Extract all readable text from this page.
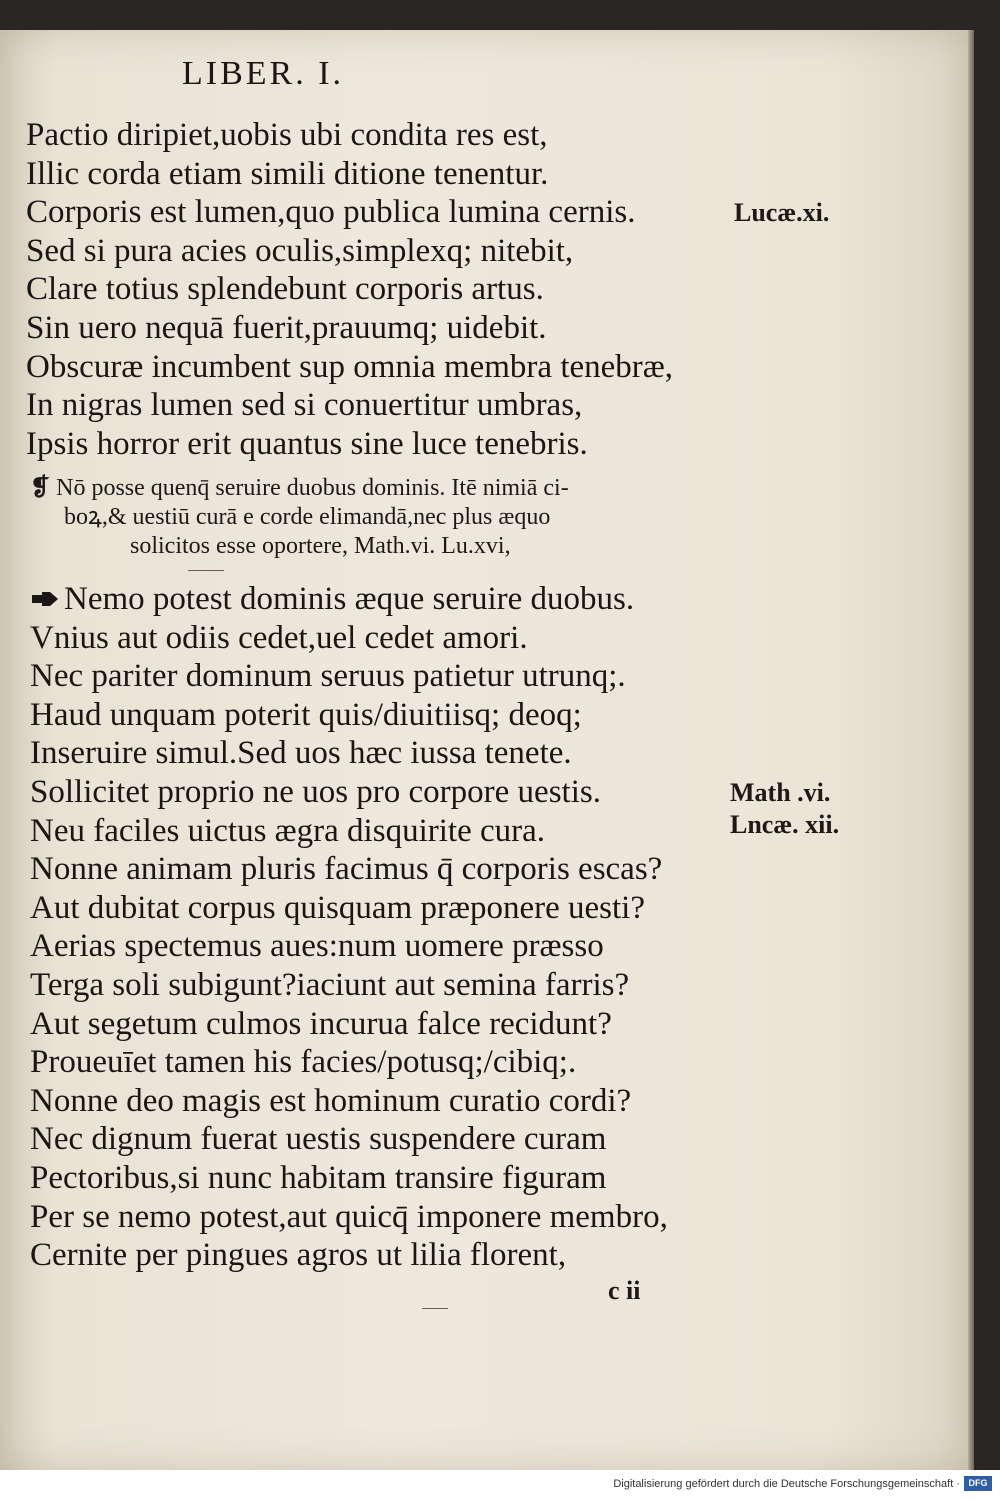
LIBER. I.
Pactio diripiet,uobis ubi condita res est,
Illic corda etiam simili ditione tenentur.
Corporis est lumen,quo publica lumina cernis.
Sed si pura acies oculis,simplexq; nitebit,
Clare totius splendebunt corporis artus.
Sin uero nequā fuerit,prauumq; uidebit.
Obscuræ incumbent sup omnia membra tenebræ,
In nigras lumen sed si conuertitur umbras,
Ipsis horror erit quantus sine luce tenebris.
❡ Nō posse quenq̄ seruire duobus dominis. Itē nimiā ci-
boꝝ,& uestiū curā e corde elimandā,nec plus æquo
solicitos esse oportere, Math.vi. Lu.xvi,
Nemo potest dominis æque seruire duobus.
Vnius aut odiis cedet,uel cedet amori.
Nec pariter dominum seruus patietur utrunq;.
Haud unquam poterit quis/diuitiisq; deoq;
Inseruire simul.Sed uos hæc iussa tenete.
Sollicitet proprio ne uos pro corpore uestis.
Neu faciles uictus ægra disquirite cura.
Nonne animam pluris facimus q̄ corporis escas?
Aut dubitat corpus quisquam præponere uesti?
Aerias spectemus aues:num uomere præsso
Terga soli subigunt?iaciunt aut semina farris?
Aut segetum culmos incurua falce recidunt?
Proueuīet tamen his facies/potusq;/cibiq;.
Nonne deo magis est hominum curatio cordi?
Nec dignum fuerat uestis suspendere curam
Pectoribus,si nunc habitam transire figuram
Per se nemo potest,aut quicq̄ imponere membro,
Cernite per pingues agros ut lilia florent,
Lucæ.xi.
Math .vi.
Lncæ. xii.
c ii
Digitalisierung gefördert durch die Deutsche Forschungsgemeinschaft · DFG
